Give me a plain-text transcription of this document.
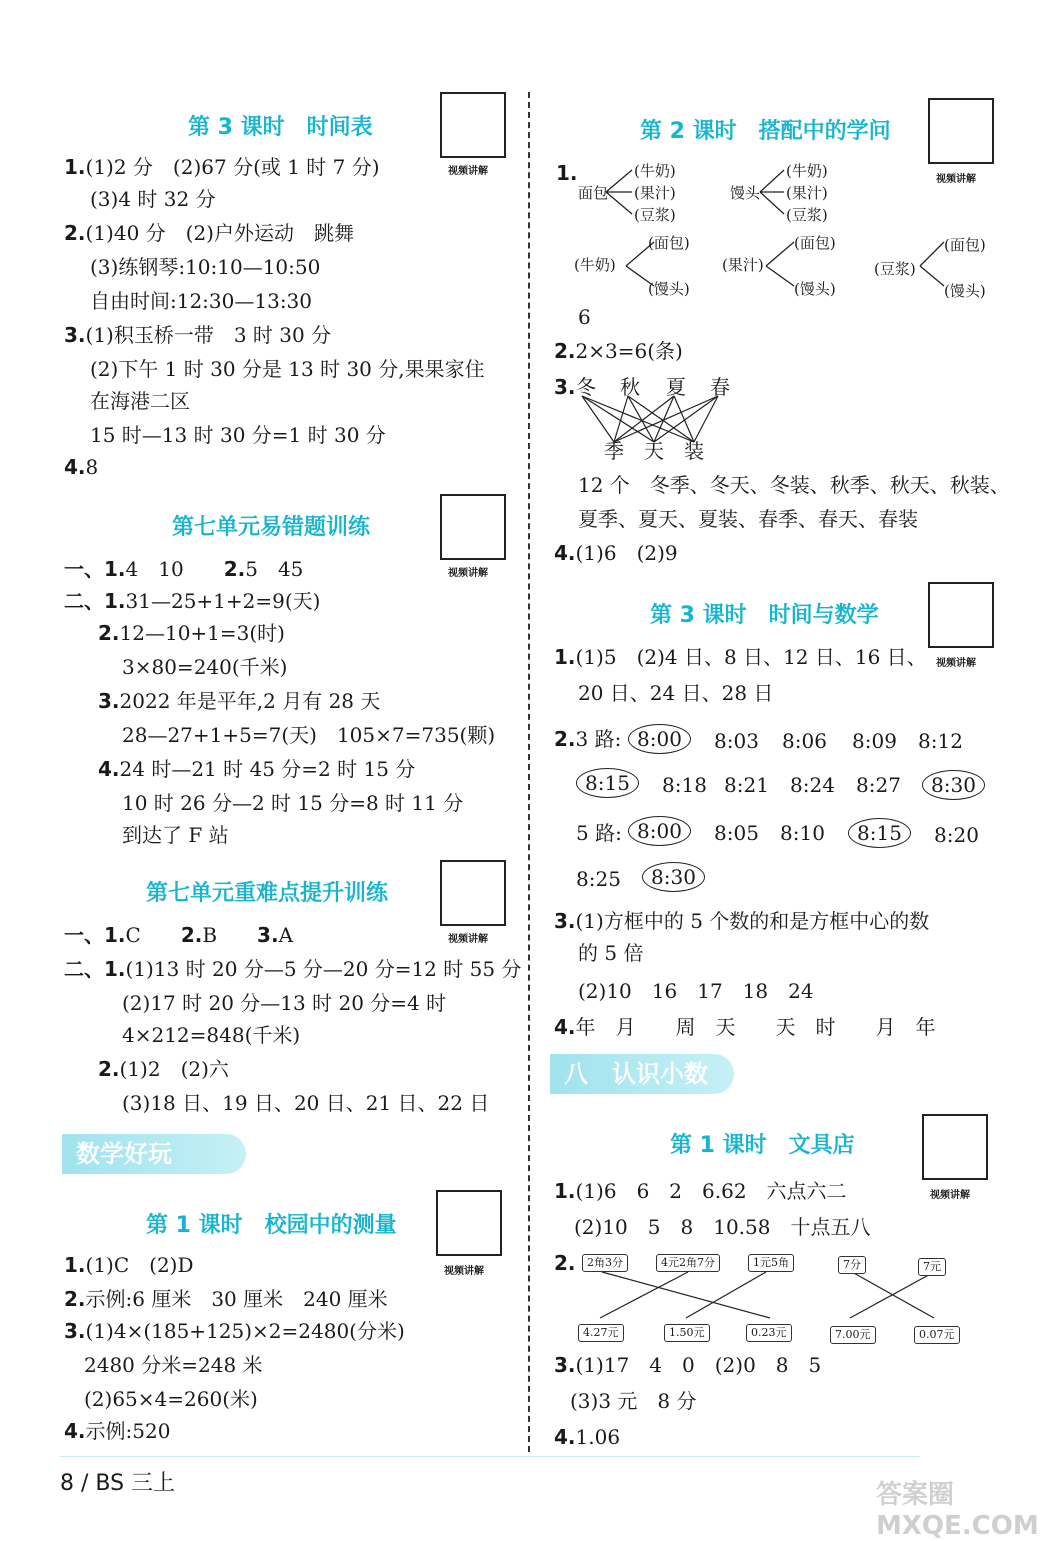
第 3 课时　时间表
视频讲解
1.(1)2 分　(2)67 分(或 1 时 7 分)
(3)4 时 32 分
2.(1)40 分　(2)户外运动　跳舞
(3)练钢琴:10:10—10:50
自由时间:12:30—13:30
3.(1)积玉桥一带　3 时 30 分
(2)下午 1 时 30 分是 13 时 30 分,果果家住
在海港二区
15 时—13 时 30 分=1 时 30 分
4.8
第七单元易错题训练
视频讲解
一、1.4　10　　2.5　45
二、1.31—25+1+2=9(天)
2.12—10+1=3(时)
3×80=240(千米)
3.2022 年是平年,2 月有 28 天
28—27+1+5=7(天)　105×7=735(颗)
4.24 时—21 时 45 分=2 时 15 分
10 时 26 分—2 时 15 分=8 时 11 分
到达了 F 站
第七单元重难点提升训练
视频讲解
一、1.C　　2.B　　3.A
二、1.(1)13 时 20 分—5 分—20 分=12 时 55 分
(2)17 时 20 分—13 时 20 分=4 时
4×212=848(千米)
2.(1)2　(2)六
(3)18 日、19 日、20 日、21 日、22 日
数学好玩
第 1 课时　校园中的测量
视频讲解
1.(1)C　(2)D
2.示例:6 厘米　30 厘米　240 厘米
3.(1)4×(185+125)×2=2480(分米)
2480 分米=248 米
(2)65×4=260(米)
4.示例:520
第 2 课时　搭配中的学问
视频讲解
1.
面包
(牛奶)
(果汁)
(豆浆)
馒头
(牛奶)
(果汁)
(豆浆)
(牛奶)
(面包)
(馒头)
(果汁)
(面包)
(馒头)
(豆浆)
(面包)
(馒头)
6
2.2×3=6(条)
3. 冬 秋 夏 春
季 天 装
12 个　冬季、冬天、冬装、秋季、秋天、秋装、
夏季、夏天、夏装、春季、春天、春装
4.(1)6　(2)9
第 3 课时　时间与数学
视频讲解
1.(1)5　(2)4 日、8 日、12 日、16 日、
20 日、24 日、28 日
2.3 路: 8:00	8:03 8:06 8:09 8:12
8:15	8:18 8:21 8:24 8:27	8:30
5 路: 8:00	8:05 8:10	8:15	8:20
8:25	8:30
3.(1)方框中的 5 个数的和是方框中心的数
的 5 倍
(2)10　16　17　18　24
4.年　月　　周　天　　天　时　　月　年
八　认识小数
第 1 课时　文具店
视频讲解
1.(1)6　6　2　6.62　六点六二
(2)10　5　8　10.58　十点五八
2.	2角3分	4元2角7分	1元5角	7分	7元
4.27元	1.50元	0.23元	7.00元	0.07元
3.(1)17　4　0　(2)0　8　5
(3)3 元　8 分
4.1.06
8 / BS 三上	答案圈 MXQE.COM
